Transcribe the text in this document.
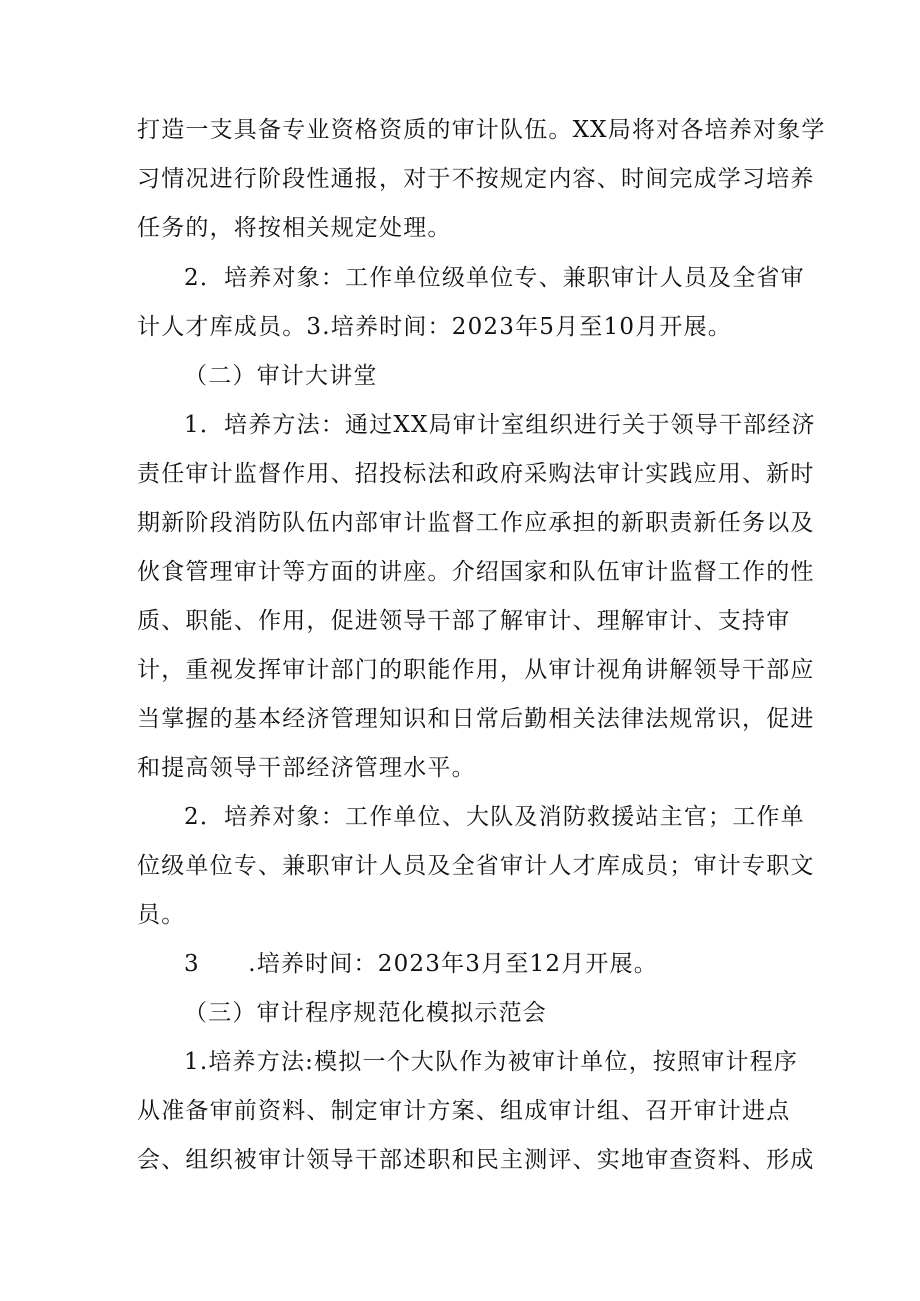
打造一支具备专业资格资质的审计队伍。XX局将对各培养对象学
习情况进行阶段性通报，对于不按规定内容、时间完成学习培养
任务的，将按相关规定处理。
2．培养对象：工作单位级单位专、兼职审计人员及全省审
计人才库成员。3.培养时间：2023年5月至10月开展。
（二）审计大讲堂
1．培养方法：通过XX局审计室组织进行关于领导干部经济
责任审计监督作用、招投标法和政府采购法审计实践应用、新时
期新阶段消防队伍内部审计监督工作应承担的新职责新任务以及
伙食管理审计等方面的讲座。介绍国家和队伍审计监督工作的性
质、职能、作用，促进领导干部了解审计、理解审计、支持审
计，重视发挥审计部门的职能作用，从审计视角讲解领导干部应
当掌握的基本经济管理知识和日常后勤相关法律法规常识，促进
和提高领导干部经济管理水平。
2．培养对象：工作单位、大队及消防救援站主官；工作单
位级单位专、兼职审计人员及全省审计人才库成员；审计专职文
员。
3　　.培养时间：2023年3月至12月开展。
（三）审计程序规范化模拟示范会
1.培养方法:模拟一个大队作为被审计单位，按照审计程序
从准备审前资料、制定审计方案、组成审计组、召开审计进点
会、组织被审计领导干部述职和民主测评、实地审查资料、形成
